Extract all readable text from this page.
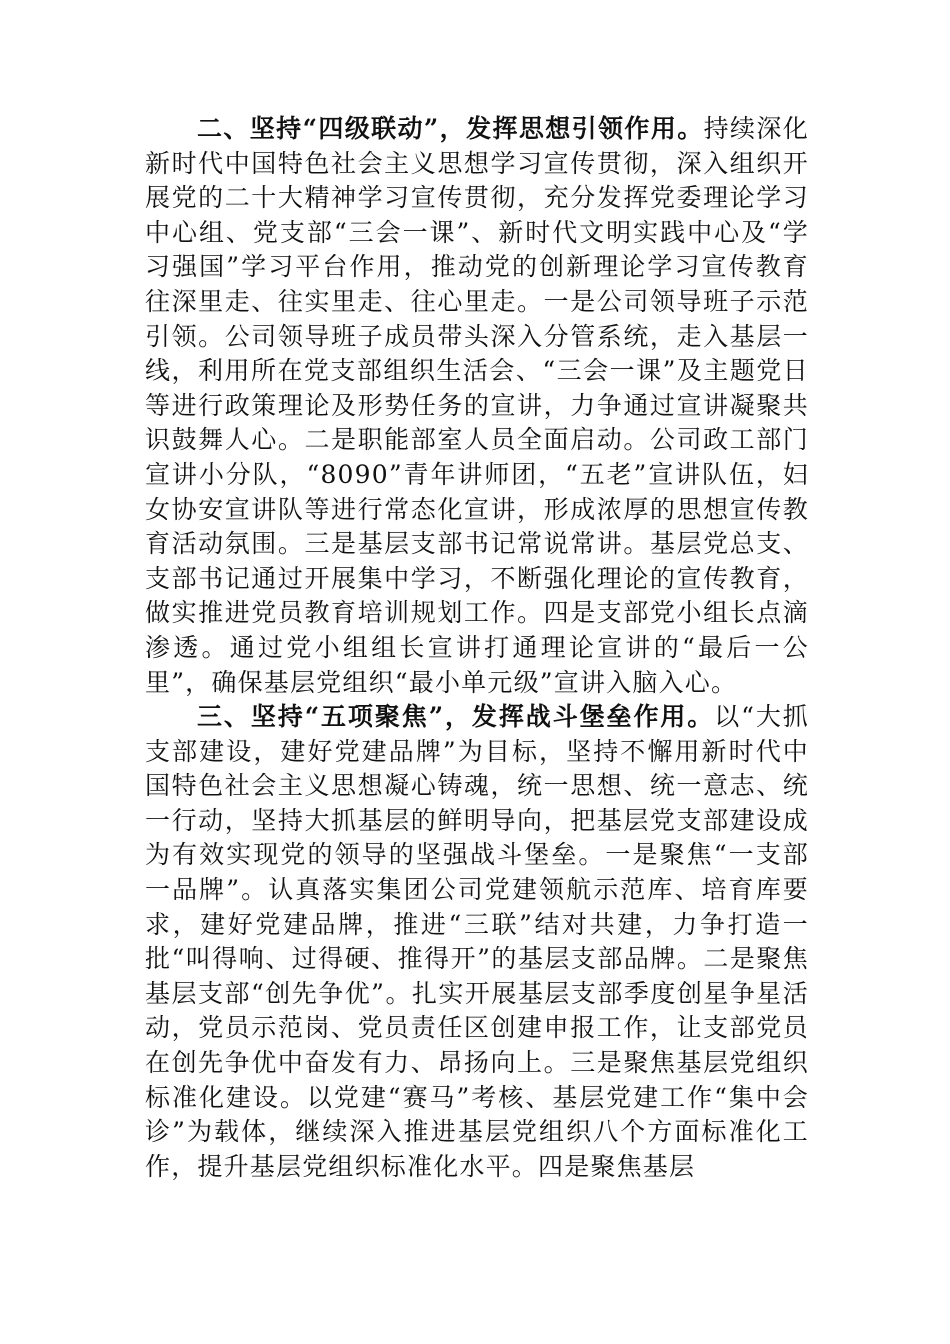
二、坚持“四级联动”，发挥思想引领作用。持续深化新时代中国特色社会主义思想学习宣传贯彻，深入组织开展党的二十大精神学习宣传贯彻，充分发挥党委理论学习中心组、党支部“三会一课”、新时代文明实践中心及“学习强国”学习平台作用，推动党的创新理论学习宣传教育往深里走、往实里走、往心里走。一是公司领导班子示范引领。公司领导班子成员带头深入分管系统，走入基层一线，利用所在党支部组织生活会、“三会一课”及主题党日等进行政策理论及形势任务的宣讲，力争通过宣讲凝聚共识鼓舞人心。二是职能部室人员全面启动。公司政工部门宣讲小分队，“8090”青年讲师团，“五老”宣讲队伍，妇女协安宣讲队等进行常态化宣讲，形成浓厚的思想宣传教育活动氛围。三是基层支部书记常说常讲。基层党总支、支部书记通过开展集中学习，不断强化理论的宣传教育，做实推进党员教育培训规划工作。四是支部党小组长点滴渗透。通过党小组组长宣讲打通理论宣讲的“最后一公里”，确保基层党组织“最小单元级”宣讲入脑入心。

三、坚持“五项聚焦”，发挥战斗堡垒作用。以“大抓支部建设，建好党建品牌”为目标，坚持不懈用新时代中国特色社会主义思想凝心铸魂，统一思想、统一意志、统一行动，坚持大抓基层的鲜明导向，把基层党支部建设成为有效实现党的领导的坚强战斗堡垒。一是聚焦“一支部一品牌”。认真落实集团公司党建领航示范库、培育库要求，建好党建品牌，推进“三联”结对共建，力争打造一批“叫得响、过得硬、推得开”的基层支部品牌。二是聚焦基层支部“创先争优”。扎实开展基层支部季度创星争星活动，党员示范岗、党员责任区创建申报工作，让支部党员在创先争优中奋发有力、昂扬向上。三是聚焦基层党组织标准化建设。以党建“赛马”考核、基层党建工作“集中会诊”为载体，继续深入推进基层党组织八个方面标准化工作，提升基层党组织标准化水平。四是聚焦基层
